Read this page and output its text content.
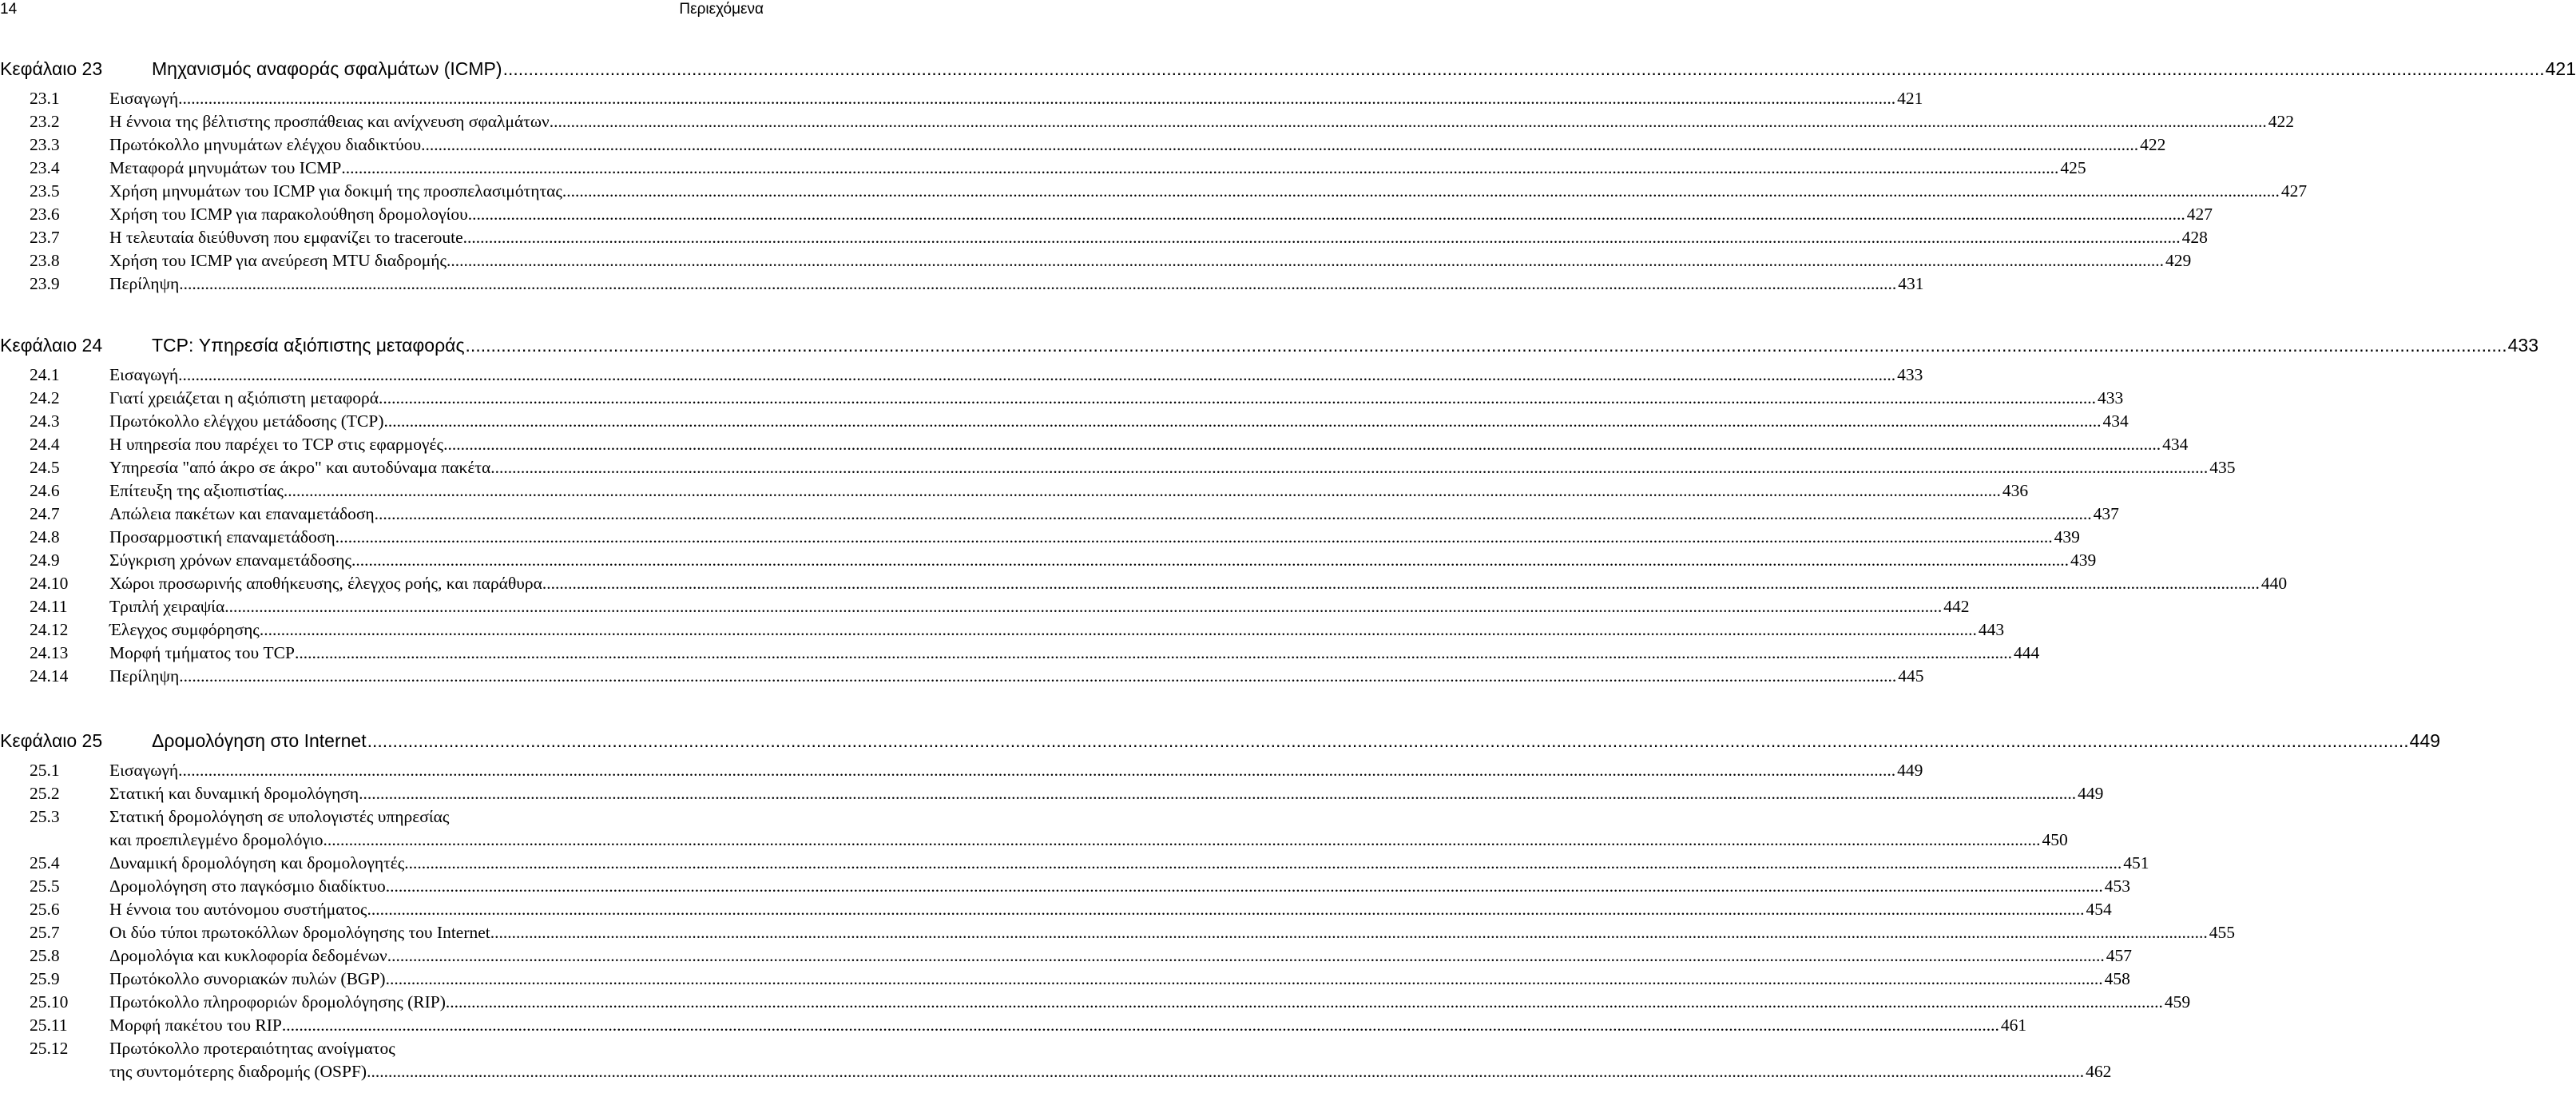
14	Περιεχόμενα
Κεφάλαιο 23	Μηχανισμός αναφοράς σφαλμάτων (ICMP) ................................................................................................................................................................................................................................................................................................................................................................................................................ 421
23.1	Εισαγωγή ................................................................................................................................................................................................................................................................................................................................................................................................................ 421
23.2	Η έννοια της βέλτιστης προσπάθειας και ανίχνευση σφαλμάτων ................................................................................................................................................................................................................................................................................................................................................................................................................ 422
23.3	Πρωτόκολλο μηνυμάτων ελέγχου διαδικτύου ................................................................................................................................................................................................................................................................................................................................................................................................................ 422
23.4	Μεταφορά μηνυμάτων του ICMP ................................................................................................................................................................................................................................................................................................................................................................................................................ 425
23.5	Χρήση μηνυμάτων του ICMP για δοκιμή της προσπελασιμότητας ................................................................................................................................................................................................................................................................................................................................................................................................................ 427
23.6	Χρήση του ICMP για παρακολούθηση δρομολογίου ................................................................................................................................................................................................................................................................................................................................................................................................................ 427
23.7	Η τελευταία διεύθυνση που εμφανίζει το traceroute ................................................................................................................................................................................................................................................................................................................................................................................................................ 428
23.8	Χρήση του ICMP για ανεύρεση MTU διαδρομής ................................................................................................................................................................................................................................................................................................................................................................................................................ 429
23.9	Περίληψη ................................................................................................................................................................................................................................................................................................................................................................................................................ 431
Κεφάλαιο 24	TCP: Υπηρεσία αξιόπιστης μεταφοράς ................................................................................................................................................................................................................................................................................................................................................................................................................ 433
24.1	Εισαγωγή ................................................................................................................................................................................................................................................................................................................................................................................................................ 433
24.2	Γιατί χρειάζεται η αξιόπιστη μεταφορά ................................................................................................................................................................................................................................................................................................................................................................................................................ 433
24.3	Πρωτόκολλο ελέγχου μετάδοσης (TCP) ................................................................................................................................................................................................................................................................................................................................................................................................................ 434
24.4	Η υπηρεσία που παρέχει το TCP στις εφαρμογές ................................................................................................................................................................................................................................................................................................................................................................................................................ 434
24.5	Υπηρεσία "από άκρο σε άκρο" και αυτοδύναμα πακέτα ................................................................................................................................................................................................................................................................................................................................................................................................................ 435
24.6	Επίτευξη της αξιοπιστίας ................................................................................................................................................................................................................................................................................................................................................................................................................ 436
24.7	Απώλεια πακέτων και επαναμετάδοση ................................................................................................................................................................................................................................................................................................................................................................................................................ 437
24.8	Προσαρμοστική επαναμετάδοση ................................................................................................................................................................................................................................................................................................................................................................................................................ 439
24.9	Σύγκριση χρόνων επαναμετάδοσης ................................................................................................................................................................................................................................................................................................................................................................................................................ 439
24.10 Χώροι προσωρινής αποθήκευσης, έλεγχος ροής, και παράθυρα ................................................................................................................................................................................................................................................................................................................................................................................................................ 440
24.11 Τριπλή χειραψία ................................................................................................................................................................................................................................................................................................................................................................................................................ 442
24.12 Έλεγχος συμφόρησης ................................................................................................................................................................................................................................................................................................................................................................................................................ 443
24.13 Μορφή τμήματος του TCP ................................................................................................................................................................................................................................................................................................................................................................................................................ 444
24.14 Περίληψη ................................................................................................................................................................................................................................................................................................................................................................................................................ 445
Κεφάλαιο 25	Δρομολόγηση στο Internet ................................................................................................................................................................................................................................................................................................................................................................................................................ 449
25.1	Εισαγωγή ................................................................................................................................................................................................................................................................................................................................................................................................................ 449
25.2	Στατική και δυναμική δρομολόγηση ................................................................................................................................................................................................................................................................................................................................................................................................................ 449
25.3	Στατική δρομολόγηση σε υπολογιστές υπηρεσίας
και προεπιλεγμένο δρομολόγιο ................................................................................................................................................................................................................................................................................................................................................................................................................ 450
25.4	Δυναμική δρομολόγηση και δρομολογητές ................................................................................................................................................................................................................................................................................................................................................................................................................ 451
25.5	Δρομολόγηση στο παγκόσμιο διαδίκτυο ................................................................................................................................................................................................................................................................................................................................................................................................................ 453
25.6	Η έννοια του αυτόνομου συστήματος ................................................................................................................................................................................................................................................................................................................................................................................................................ 454
25.7	Οι δύο τύποι πρωτοκόλλων δρομολόγησης του Internet ................................................................................................................................................................................................................................................................................................................................................................................................................ 455
25.8	Δρομολόγια και κυκλοφορία δεδομένων ................................................................................................................................................................................................................................................................................................................................................................................................................ 457
25.9	Πρωτόκολλο συνοριακών πυλών (BGP) ................................................................................................................................................................................................................................................................................................................................................................................................................ 458
25.10 Πρωτόκολλο πληροφοριών δρομολόγησης (RIP) ................................................................................................................................................................................................................................................................................................................................................................................................................ 459
25.11 Μορφή πακέτου του RIP ................................................................................................................................................................................................................................................................................................................................................................................................................ 461
25.12 Πρωτόκολλο προτεραιότητας ανοίγματος
της συντομότερης διαδρομής (OSPF) ................................................................................................................................................................................................................................................................................................................................................................................................................ 462
